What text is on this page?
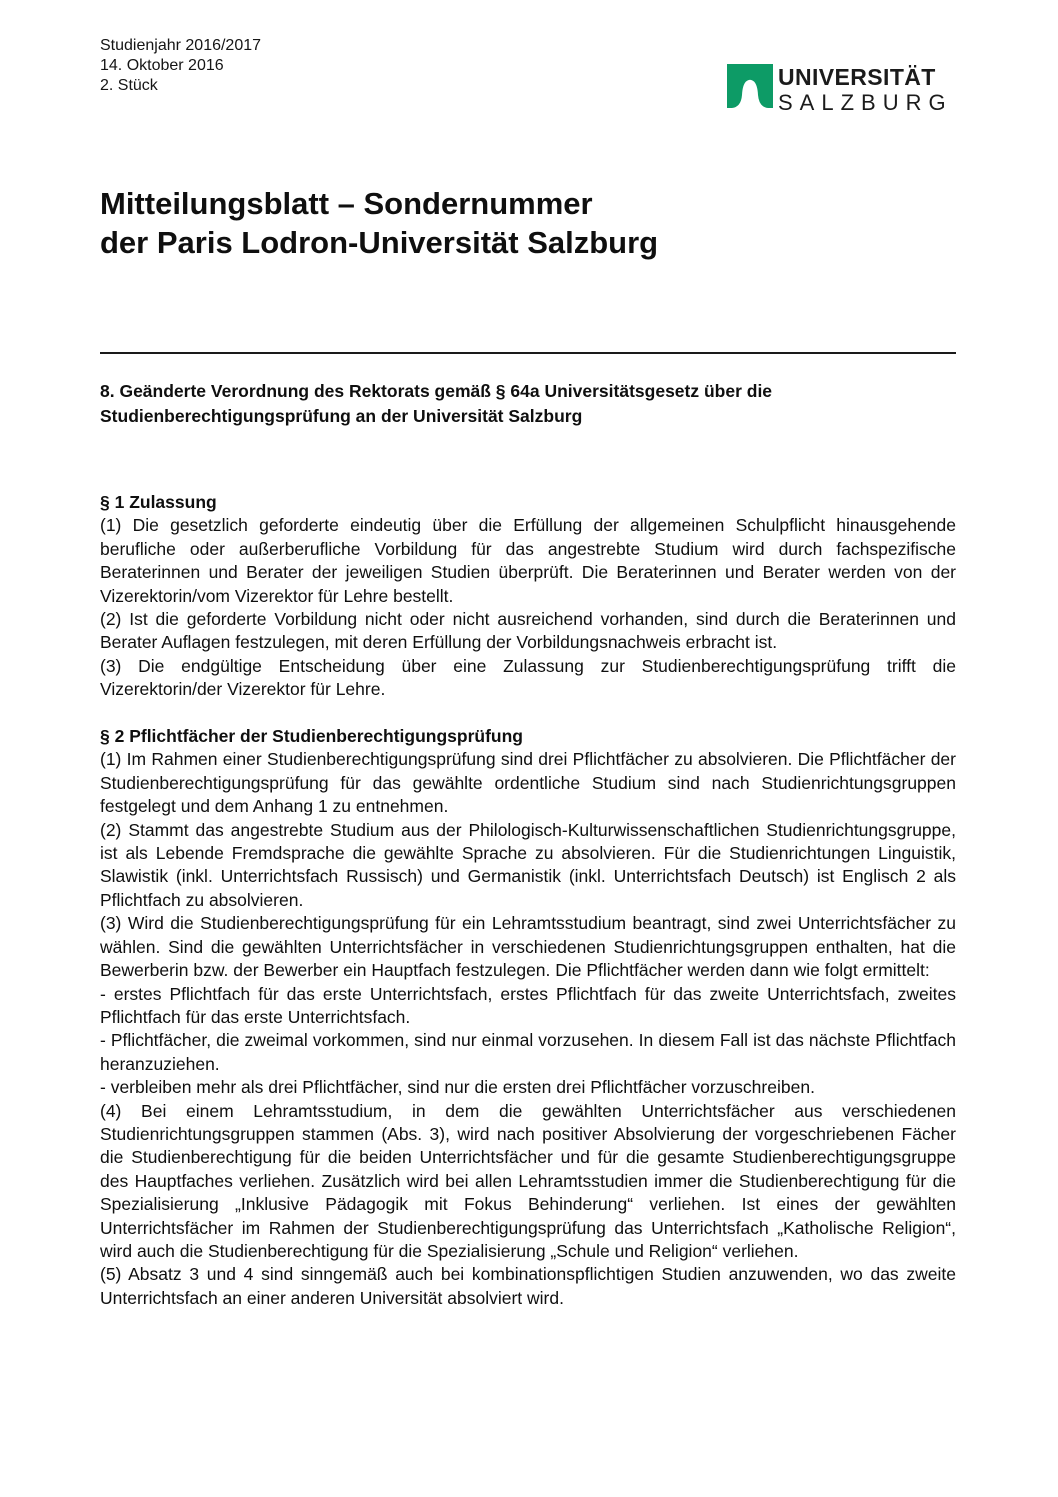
Studienjahr 2016/2017
14. Oktober 2016
2. Stück	UNIVERSITÄT
SALZBURG
Mitteilungsblatt – Sondernummer
der Paris Lodron-Universität Salzburg
8. Geänderte Verordnung des Rektorats gemäß § 64a Universitätsgesetz über die Studienberechtigungsprüfung an der Universität Salzburg
§ 1 Zulassung

(1) Die gesetzlich geforderte eindeutig über die Erfüllung der allgemeinen Schulpflicht hinausgehende berufliche oder außerberufliche Vorbildung für das angestrebte Studium wird durch fachspezifische Beraterinnen und Berater der jeweiligen Studien überprüft. Die Beraterinnen und Berater werden von der Vizerektorin/vom Vizerektor für Lehre bestellt.

(2) Ist die geforderte Vorbildung nicht oder nicht ausreichend vorhanden, sind durch die Beraterinnen und Berater Auflagen festzulegen, mit deren Erfüllung der Vorbildungsnachweis erbracht ist.

(3) Die endgültige Entscheidung über eine Zulassung zur Studienberechtigungsprüfung trifft die Vizerektorin/der Vizerektor für Lehre.

§ 2 Pflichtfächer der Studienberechtigungsprüfung

(1) Im Rahmen einer Studienberechtigungsprüfung sind drei Pflichtfächer zu absolvieren. Die Pflichtfächer der Studienberechtigungsprüfung für das gewählte ordentliche Studium sind nach Studienrichtungsgruppen festgelegt und dem Anhang 1 zu entnehmen.

(2) Stammt das angestrebte Studium aus der Philologisch-Kulturwissenschaftlichen Studienrichtungsgruppe, ist als Lebende Fremdsprache die gewählte Sprache zu absolvieren. Für die Studienrichtungen Linguistik, Slawistik (inkl. Unterrichtsfach Russisch) und Germanistik (inkl. Unterrichtsfach Deutsch) ist Englisch 2 als Pflichtfach zu absolvieren.

(3) Wird die Studienberechtigungsprüfung für ein Lehramtsstudium beantragt, sind zwei Unterrichtsfächer zu wählen. Sind die gewählten Unterrichtsfächer in verschiedenen Studienrichtungsgruppen enthalten, hat die Bewerberin bzw. der Bewerber ein Hauptfach festzulegen. Die Pflichtfächer werden dann wie folgt ermittelt:

- erstes Pflichtfach für das erste Unterrichtsfach, erstes Pflichtfach für das zweite Unterrichtsfach, zweites Pflichtfach für das erste Unterrichtsfach.

- Pflichtfächer, die zweimal vorkommen, sind nur einmal vorzusehen. In diesem Fall ist das nächste Pflichtfach heranzuziehen.

- verbleiben mehr als drei Pflichtfächer, sind nur die ersten drei Pflichtfächer vorzuschreiben.

(4) Bei einem Lehramtsstudium, in dem die gewählten Unterrichtsfächer aus verschiedenen Studienrichtungsgruppen stammen (Abs. 3), wird nach positiver Absolvierung der vorgeschriebenen Fächer die Studienberechtigung für die beiden Unterrichtsfächer und für die gesamte Studienberechtigungsgruppe des Hauptfaches verliehen. Zusätzlich wird bei allen Lehramtsstudien immer die Studienberechtigung für die Spezialisierung „Inklusive Pädagogik mit Fokus Behinderung“ verliehen. Ist eines der gewählten Unterrichtsfächer im Rahmen der Studienberechtigungsprüfung das Unterrichtsfach „Katholische Religion“, wird auch die Studienberechtigung für die Spezialisierung „Schule und Religion“ verliehen.

(5) Absatz 3 und 4 sind sinngemäß auch bei kombinationspflichtigen Studien anzuwenden, wo das zweite Unterrichtsfach an einer anderen Universität absolviert wird.
